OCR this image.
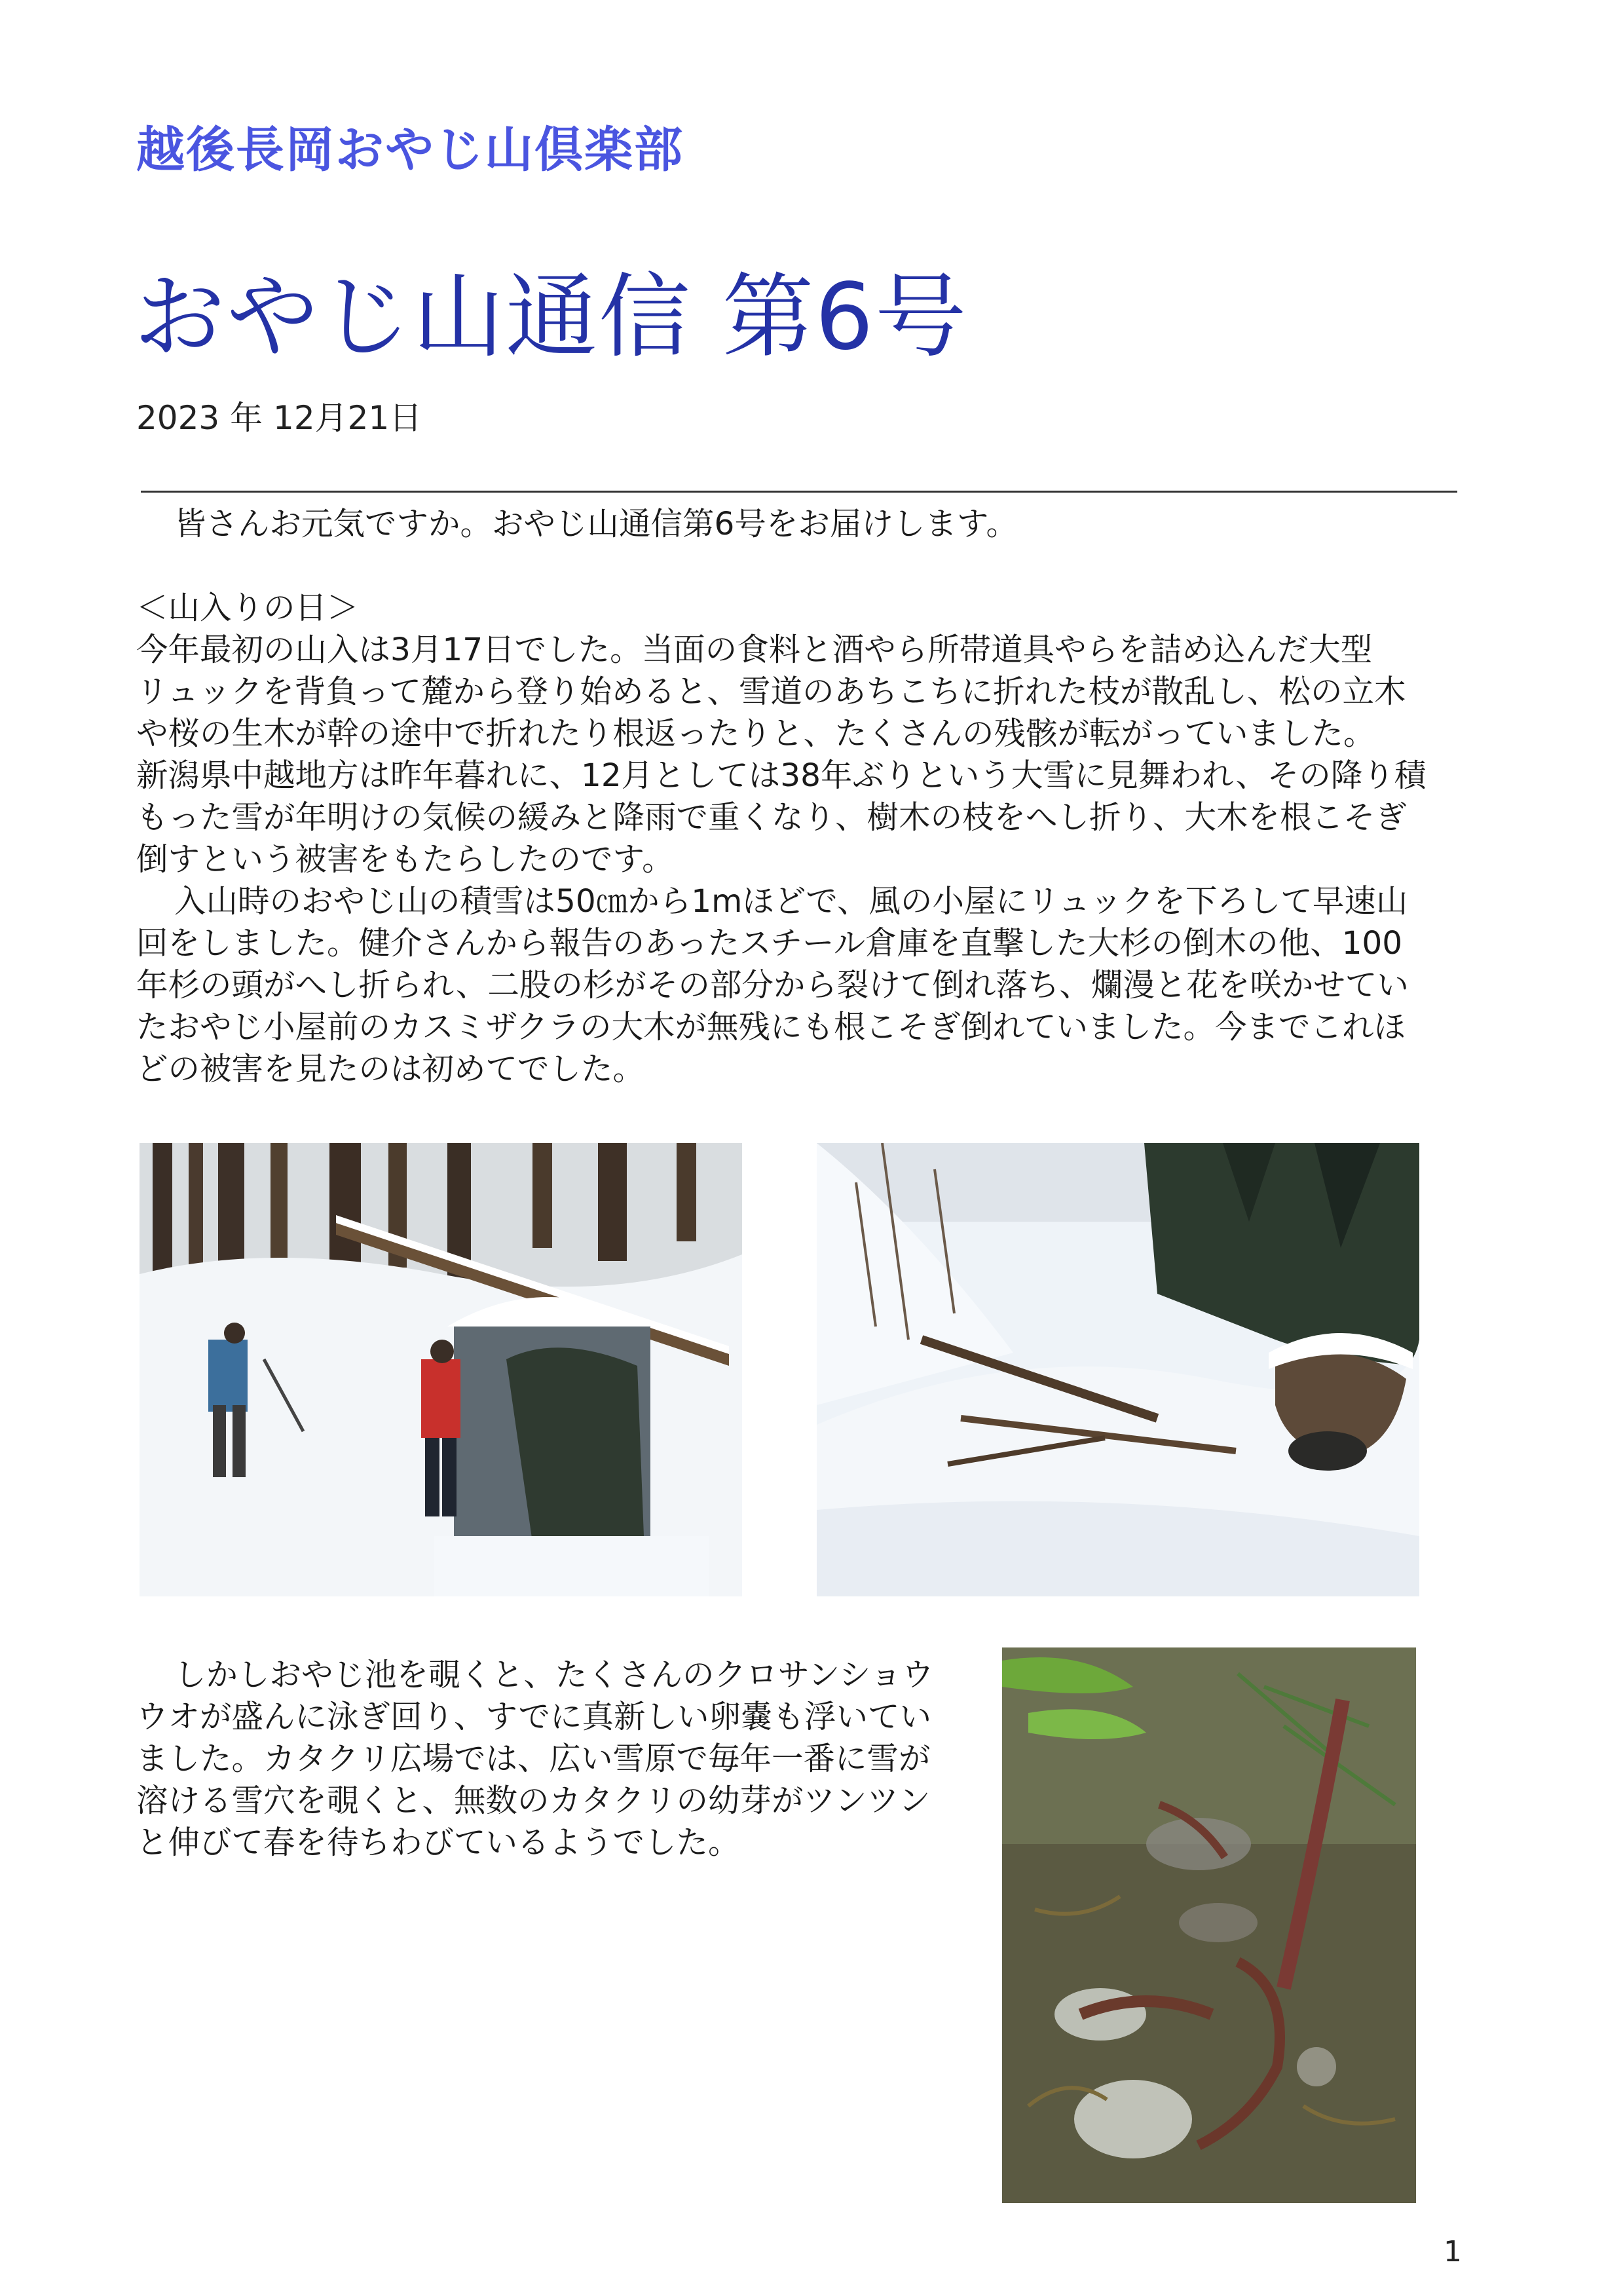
越後長岡おやじ山倶楽部
おやじ山通信 第6号
2023 年 12月21日

皆さんお元気ですか。おやじ山通信第6号をお届けします。

＜山入りの日＞

今年最初の山入は3月17日でした。当面の食料と酒やら所帯道具やらを詰め込んだ大型

リュックを背負って麓から登り始めると、雪道のあちこちに折れた枝が散乱し、松の立木

や桜の生木が幹の途中で折れたり根返ったりと、たくさんの残骸が転がっていました。

新潟県中越地方は昨年暮れに、12月としては38年ぶりという大雪に見舞われ、その降り積

もった雪が年明けの気候の緩みと降雨で重くなり、樹木の枝をへし折り、大木を根こそぎ

倒すという被害をもたらしたのです。

入山時のおやじ山の積雪は50㎝から1mほどで、風の小屋にリュックを下ろして早速山

回をしました。健介さんから報告のあったスチール倉庫を直撃した大杉の倒木の他、100

年杉の頭がへし折られ、二股の杉がその部分から裂けて倒れ落ち、爛漫と花を咲かせてい

たおやじ小屋前のカスミザクラの大木が無残にも根こそぎ倒れていました。今までこれほ

どの被害を見たのは初めてでした。

しかしおやじ池を覗くと、たくさんのクロサンショウ

ウオが盛んに泳ぎ回り、すでに真新しい卵嚢も浮いてい

ました。カタクリ広場では、広い雪原で毎年一番に雪が

溶ける雪穴を覗くと、無数のカタクリの幼芽がツンツン

と伸びて春を待ちわびているようでした。

1
